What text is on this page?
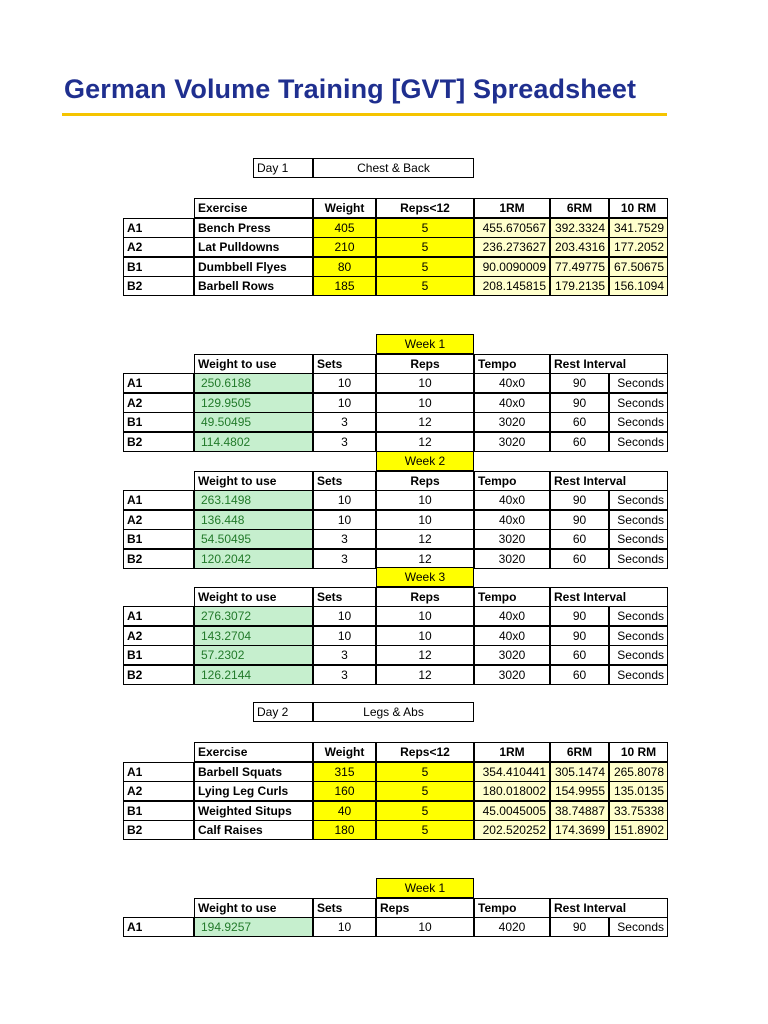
German Volume Training [GVT] Spreadsheet
Day 1	Chest & Back
Exercise	Weight	Reps<12	1RM	6RM	10 RM
A1	Bench Press	405	5	455.670567 392.3324 341.7529
A2	Lat Pulldowns	210	5	236.273627 203.4316 177.2052
B1	Dumbbell Flyes	80	5	90.0090009 77.49775 67.50675
B2	Barbell Rows	185	5	208.145815 179.2135 156.1094
Week 1
Weight to use	Sets	Reps	Tempo	Rest Interval
A1	250.6188	10	10	40x0	90	Seconds
A2	129.9505	10	10	40x0	90	Seconds
B1	49.50495	3	12	3020	60	Seconds
B2	114.4802	3	12	3020	60	Seconds
Week 2
Weight to use	Sets	Reps	Tempo	Rest Interval
A1	263.1498	10	10	40x0	90	Seconds
A2	136.448	10	10	40x0	90	Seconds
B1	54.50495	3	12	3020	60	Seconds
B2	120.2042	3	12	3020	60	Seconds
Week 3
Weight to use	Sets	Reps	Tempo	Rest Interval
A1	276.3072	10	10	40x0	90	Seconds
A2	143.2704	10	10	40x0	90	Seconds
B1	57.2302	3	12	3020	60	Seconds
B2	126.2144	3	12	3020	60	Seconds
Day 2	Legs & Abs
Exercise	Weight	Reps<12	1RM	6RM	10 RM
A1	Barbell Squats	315	5	354.410441 305.1474 265.8078
A2	Lying Leg Curls	160	5	180.018002 154.9955 135.0135
B1	Weighted Situps	40	5	45.0045005 38.74887 33.75338
B2	Calf Raises	180	5	202.520252 174.3699 151.8902
Week 1
Weight to use	Sets	Reps	Tempo	Rest Interval
A1	194.9257	10	10	4020	90	Seconds
